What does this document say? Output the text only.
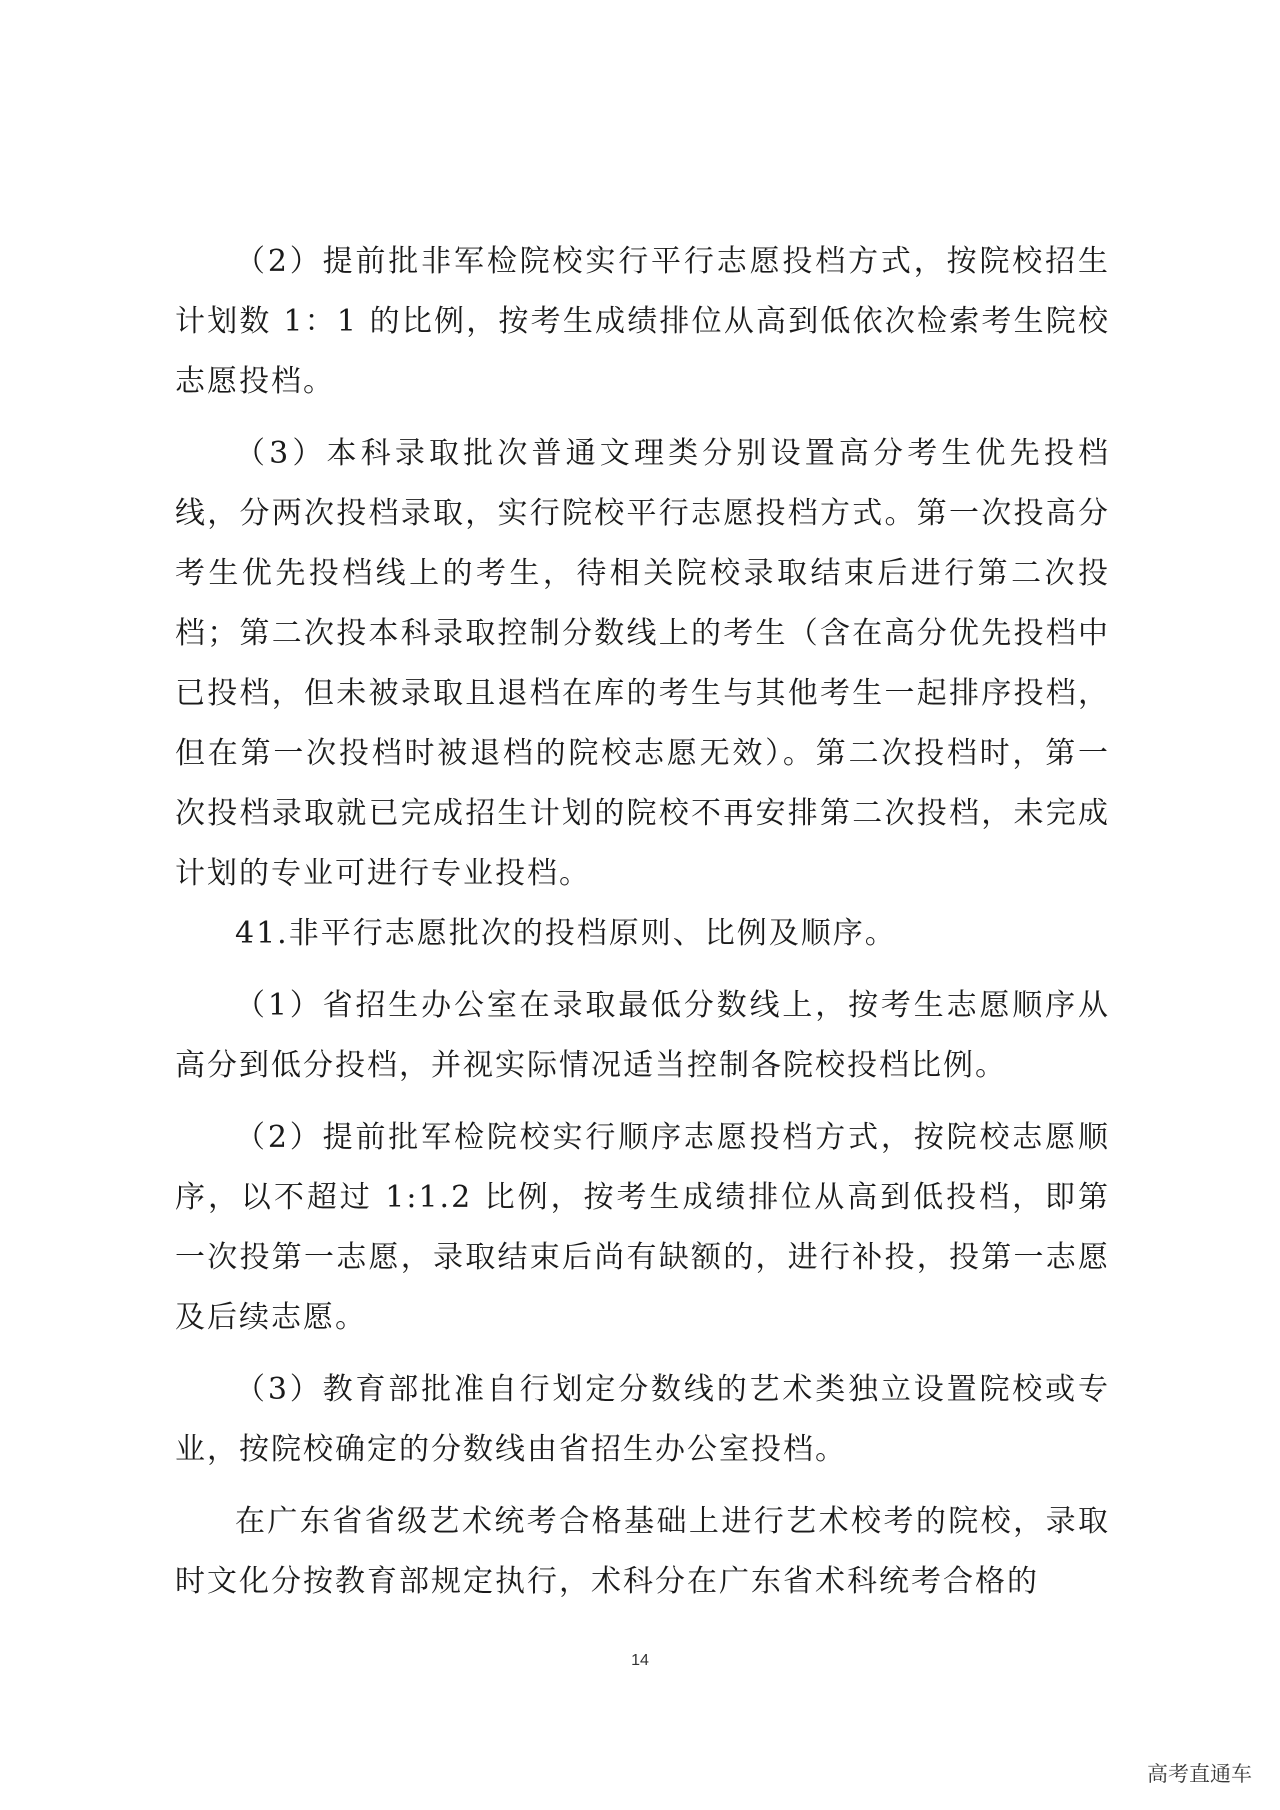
（2）提前批非军检院校实行平行志愿投档方式，按院校招生计划数 1：1 的比例，按考生成绩排位从高到低依次检索考生院校志愿投档。

（3）本科录取批次普通文理类分别设置高分考生优先投档线，分两次投档录取，实行院校平行志愿投档方式。第一次投高分考生优先投档线上的考生，待相关院校录取结束后进行第二次投档；第二次投本科录取控制分数线上的考生（含在高分优先投档中已投档，但未被录取且退档在库的考生与其他考生一起排序投档，但在第一次投档时被退档的院校志愿无效）。第二次投档时，第一次投档录取就已完成招生计划的院校不再安排第二次投档，未完成计划的专业可进行专业投档。

41.非平行志愿批次的投档原则、比例及顺序。

（1）省招生办公室在录取最低分数线上，按考生志愿顺序从高分到低分投档，并视实际情况适当控制各院校投档比例。

（2）提前批军检院校实行顺序志愿投档方式，按院校志愿顺序，以不超过 1:1.2 比例，按考生成绩排位从高到低投档，即第一次投第一志愿，录取结束后尚有缺额的，进行补投，投第一志愿及后续志愿。

（3）教育部批准自行划定分数线的艺术类独立设置院校或专业，按院校确定的分数线由省招生办公室投档。

在广东省省级艺术统考合格基础上进行艺术校考的院校，录取时文化分按教育部规定执行，术科分在广东省术科统考合格的

14
高考直通车
